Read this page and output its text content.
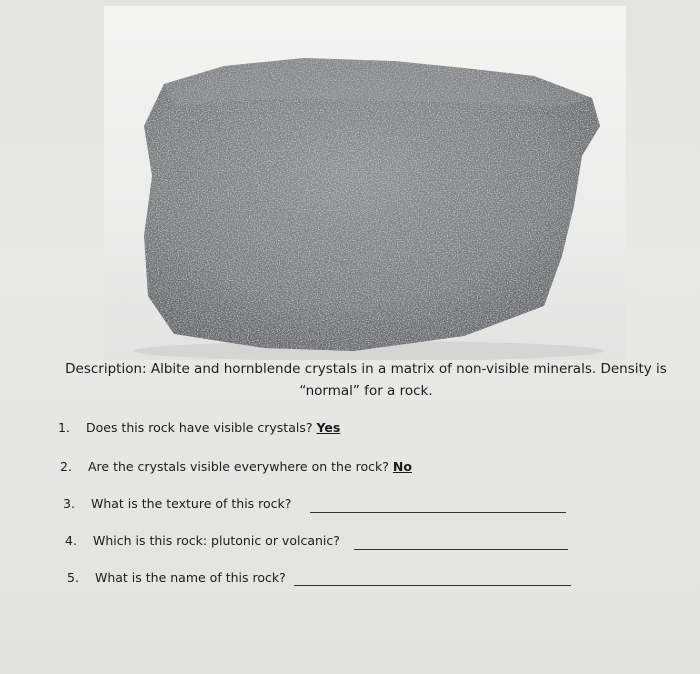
Description: Albite and hornblende crystals in a matrix of non-visible minerals. Density is
“normal” for a rock.
1. Does this rock have visible crystals? Yes
2. Are the crystals visible everywhere on the rock? No
3. What is the texture of this rock?
4. Which is this rock: plutonic or volcanic?
5. What is the name of this rock?
